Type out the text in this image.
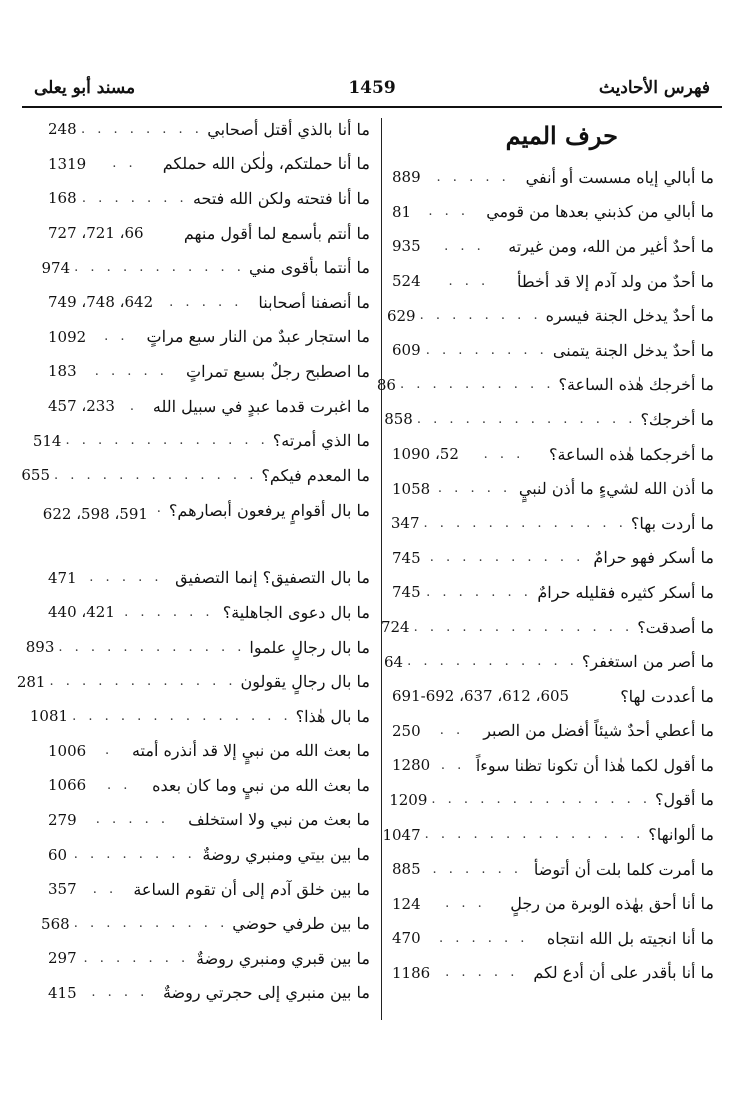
فهرس الأحاديث
1459
مسند أبو يعلى
حرف الميم
ما أبالي إياه مسست أو أنفي
. . . . .
889
ما أبالي من كذبني بعدها من قومي
. . .
81
ما أحدٌ أغير من الله، ومن غيرته
. . .
935
ما أحدٌ من ولد آدم إلا قد أخطأ
. . .
524
ما أحدٌ يدخل الجنة فيسره
. . . . . . . .
629
ما أحدٌ يدخل الجنة يتمنى
. . . . . . . .
609
ما أخرجك هٰذه الساعة؟
. . . . . . . . . .
86
ما أخرجك؟
. . . . . . . . . . . . . .
858
ما أخرجكما هٰذه الساعة؟
. . .
52، 1090
ما أذن الله لشيءٍ ما أذن لنبيٍ
. . . . .
1058
ما أردت بها؟
. . . . . . . . . . . . .
347
ما أسكر فهو حرامٌ
. . . . . . . . . .
745
ما أسكر كثيره فقليله حرامٌ
. . . . . . .
745
ما أصدقت؟
. . . . . . . . . . . . . .
724
ما أصر من استغفر؟
. . . . . . . . . . .
64
ما أعددت لها؟
605، 612، 637، 691-692
ما أعطي أحدٌ شيئاً أفضل من الصبر
. .
250
ما أقول لكما هٰذا أن تكونا تظنا سوءاً
. .
1280
ما أقول؟
. . . . . . . . . . . . . .
1209
ما ألوانها؟
. . . . . . . . . . . . . .
1047
ما أمرت كلما بلت أن أتوضأ
. . . . . .
885
ما أنا أحق بهٰذه الوبرة من رجلٍ
. . .
124
ما أنا انجيته بل الله انتجاه
. . . . . .
470
ما أنا بأقدر على أن أدع لكم
. . . . .
1186
ما أنا بالذي أقتل أصحابي
. . . . . . . .
248
ما أنا حملتكم، ولٰكن الله حملكم
. .
1319
ما أنا فتحته ولكن الله فتحه
. . . . . . .
168
ما أنتم بأسمع لما أقول منهم
66، 721، 727
ما أنتما بأقوى مني
. . . . . . . . . . .
974
ما أنصفنا أصحابنا
. . . . .
642، 748، 749
ما استجار عبدٌ من النار سبع مراتٍ
. .
1092
ما اصطبح رجلٌ بسبع تمراتٍ
. . . . .
183
ما اغبرت قدما عبدٍ في سبيل الله
.
233، 457
ما الذي أمرته؟
. . . . . . . . . . . . .
514
ما المعدم فيكم؟
. . . . . . . . . . . . .
655
ما بال أقوامٍ يرفعون أبصارهم؟
.
591، 598، 622
ما بال التصفيق؟ إنما التصفيق
. . . . .
471
ما بال دعوى الجاهلية؟
. . . . . .
421، 440
ما بال رجالٍ علموا
. . . . . . . . . . . .
893
ما بال رجالٍ يقولون
. . . . . . . . . . . .
281
ما بال هٰذا؟
. . . . . . . . . . . . . .
1081
ما بعث الله من نبيٍ إلا قد أنذره أمته
.
1006
ما بعث الله من نبيٍ وما كان بعده
. .
1066
ما بعث من نبي ولا استخلف
. . . . .
279
ما بين بيتي ومنبري روضةٌ
. . . . . . . .
60
ما بين خلق آدم إلى أن تقوم الساعة
. .
357
ما بين طرفي حوضي
. . . . . . . . . .
568
ما بين قبري ومنبري روضةٌ
. . . . . . .
297
ما بين منبري إلى حجرتي روضةٌ
. . . .
415
